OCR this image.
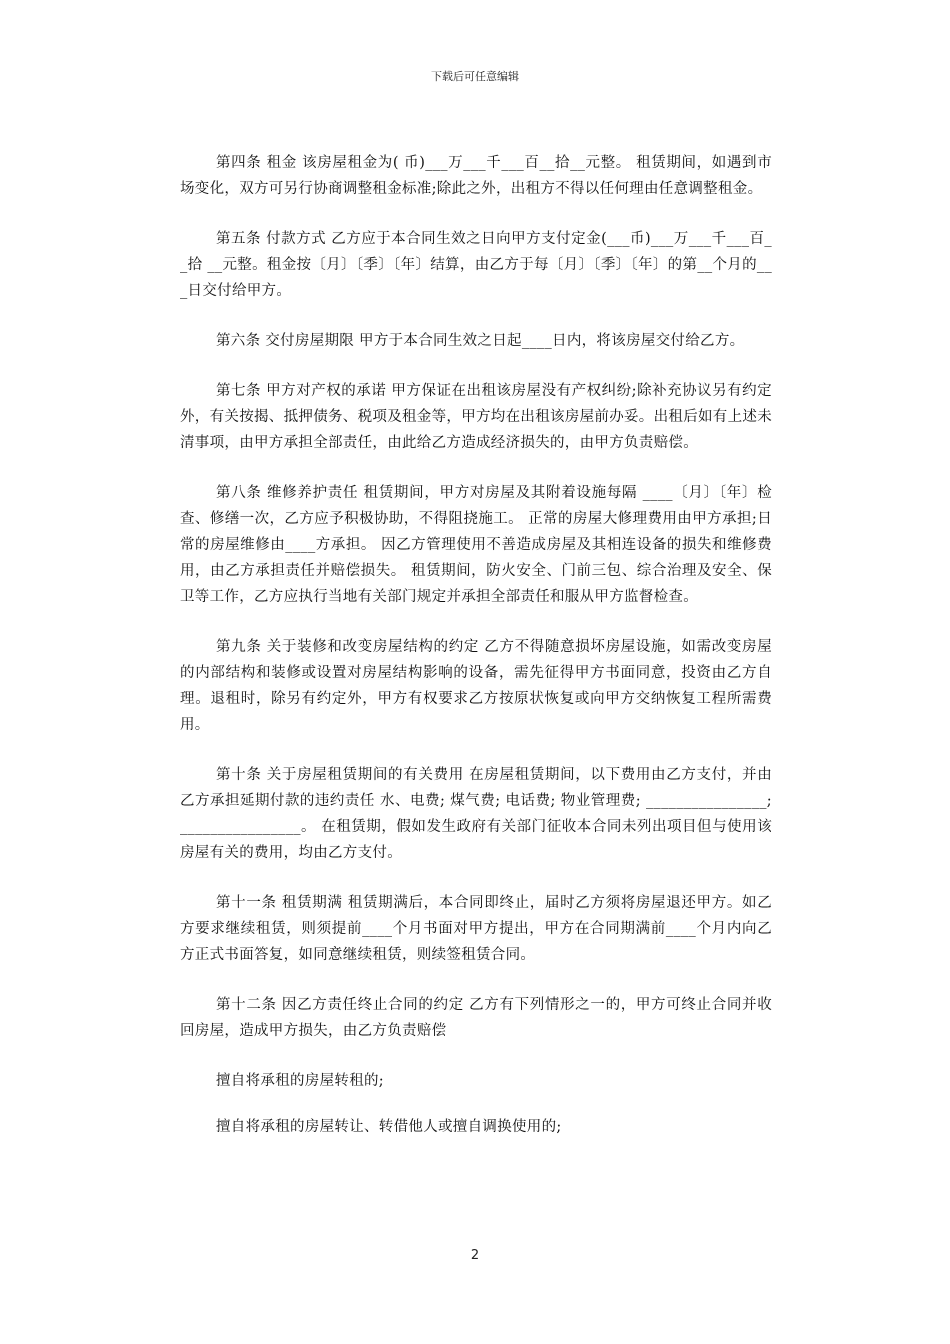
下载后可任意编辑

第四条 租金 该房屋租金为( 币)___万___千___百__拾__元整。 租赁期间，如遇到市场变化，双方可另行协商调整租金标准;除此之外，出租方不得以任何理由任意调整租金。

第五条 付款方式 乙方应于本合同生效之日向甲方支付定金(___币)___万___千___百__拾 __元整。租金按〔月〕〔季〕〔年〕结算，由乙方于每〔月〕〔季〕〔年〕的第__个月的___日交付给甲方。

第六条 交付房屋期限 甲方于本合同生效之日起____日内，将该房屋交付给乙方。

第七条 甲方对产权的承诺 甲方保证在出租该房屋没有产权纠纷;除补充协议另有约定外，有关按揭、抵押债务、税项及租金等，甲方均在出租该房屋前办妥。出租后如有上述未清事项，由甲方承担全部责任，由此给乙方造成经济损失的，由甲方负责赔偿。

第八条 维修养护责任 租赁期间，甲方对房屋及其附着设施每隔 ____〔月〕〔年〕检查、修缮一次，乙方应予积极协助，不得阻挠施工。 正常的房屋大修理费用由甲方承担;日常的房屋维修由____方承担。 因乙方管理使用不善造成房屋及其相连设备的损失和维修费用，由乙方承担责任并赔偿损失。 租赁期间，防火安全、门前三包、综合治理及安全、保卫等工作，乙方应执行当地有关部门规定并承担全部责任和服从甲方监督检查。

第九条 关于装修和改变房屋结构的约定 乙方不得随意损坏房屋设施，如需改变房屋的内部结构和装修或设置对房屋结构影响的设备，需先征得甲方书面同意，投资由乙方自理。退租时，除另有约定外，甲方有权要求乙方按原状恢复或向甲方交纳恢复工程所需费用。

第十条 关于房屋租赁期间的有关费用 在房屋租赁期间，以下费用由乙方支付，并由乙方承担延期付款的违约责任 水、电费; 煤气费; 电话费; 物业管理费; ________________; ________________。 在租赁期，假如发生政府有关部门征收本合同未列出项目但与使用该房屋有关的费用，均由乙方支付。

第十一条 租赁期满 租赁期满后，本合同即终止，届时乙方须将房屋退还甲方。如乙方要求继续租赁，则须提前____个月书面对甲方提出，甲方在合同期满前____个月内向乙方正式书面答复，如同意继续租赁，则续签租赁合同。

第十二条 因乙方责任终止合同的约定 乙方有下列情形之一的，甲方可终止合同并收回房屋，造成甲方损失，由乙方负责赔偿

擅自将承租的房屋转租的;

擅自将承租的房屋转让、转借他人或擅自调换使用的;

2
